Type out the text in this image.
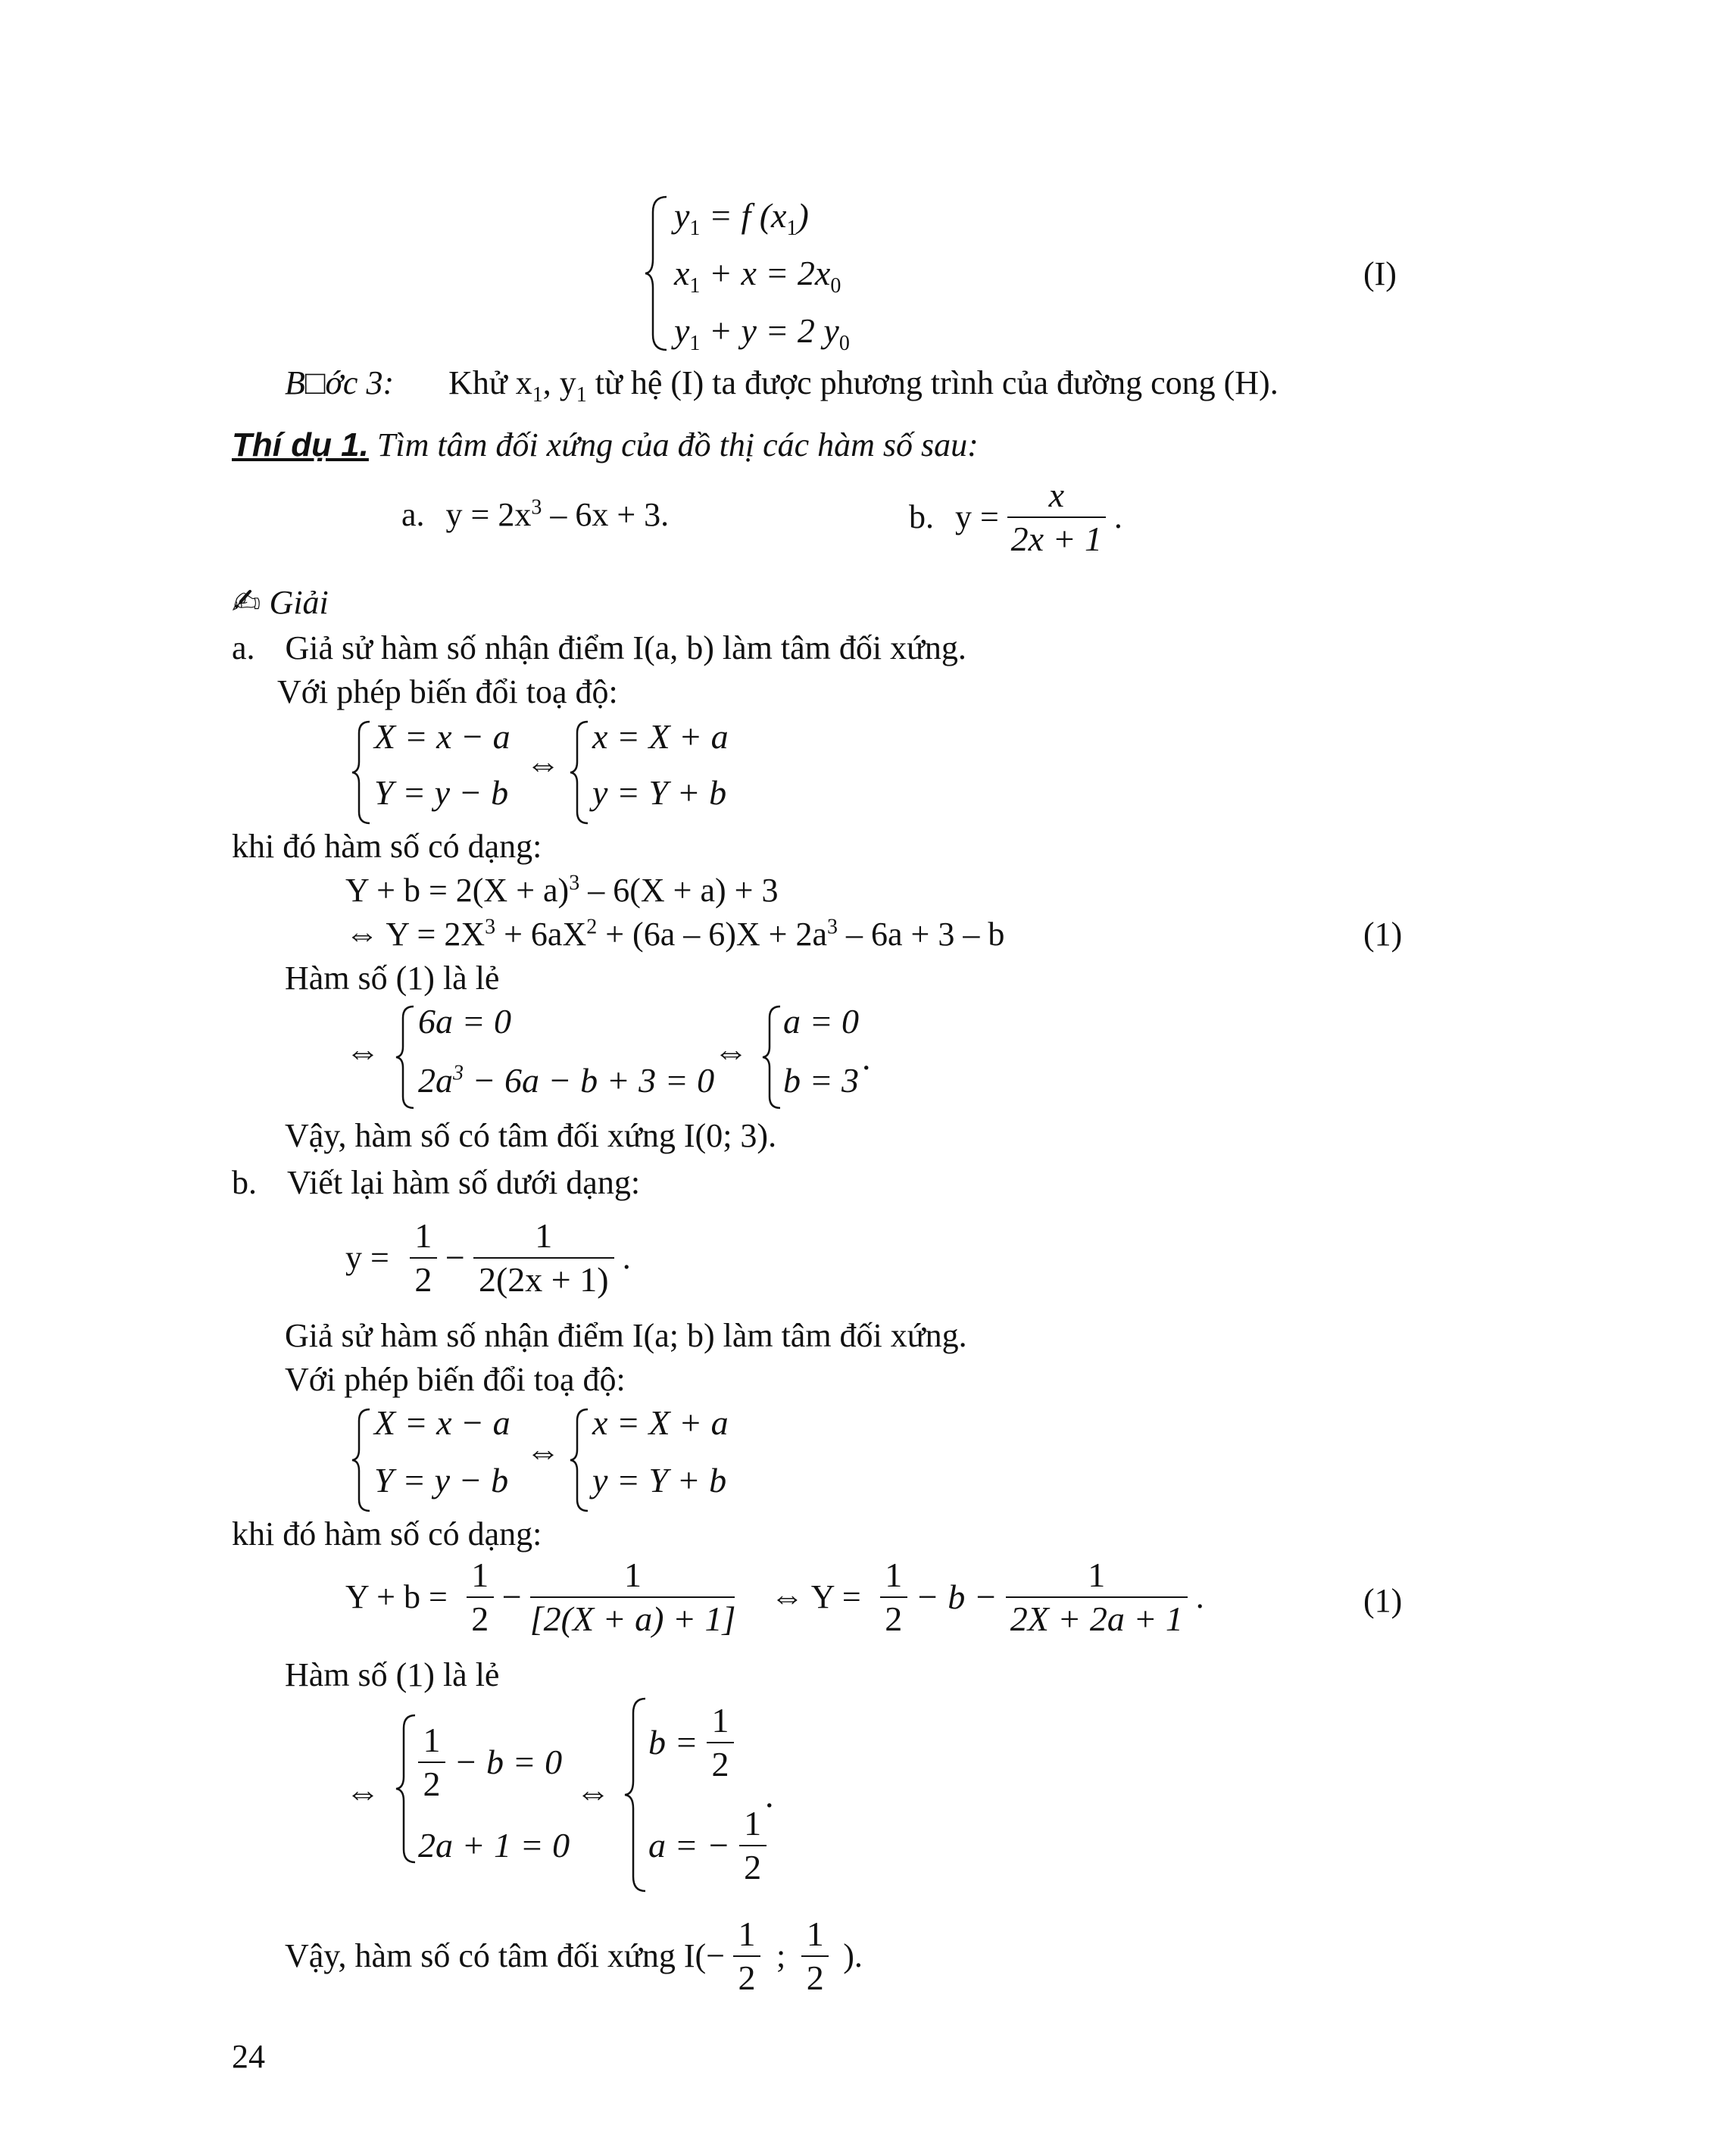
$y_1 = f$ $(x_1)$
$x_1 + x = 2x_0$
$y_1 + y = 2$ $y_0$
(I)
B□ớc 3: Khử $x_1$, $y_1$ từ hệ (I) ta được phương trình của đường cong (H).
Thí dụ 1. Tìm tâm đối xứng của đồ thị các hàm số sau:
a. $y = 2x^3 - 6x + 3$.	b. $y = \frac{x}{2x + 1}$ .
✍ Giải
a. Giả sử hàm số nhận điểm I(a, b) làm tâm đối xứng.
Với phép biến đổi toạ độ:
X = x − a
Y = y − b
⇔
x = X + a
y = Y + b
khi đó hàm số có dạng:
$Y + b = 2(X + a)^3 - 6(X + a) + 3$
⇔ $Y = 2X^3 + 6aX^2 + (6a - 6)X + 2a^3 - 6a + 3 - b$	(1)
Hàm số (1) là lẻ
⇔
6a = 0
$2a^3 - 6a - b + 3 = 0$
⇔
a = 0
b = 3
.
Vậy, hàm số có tâm đối xứng I(0; 3).
b. Viết lại hàm số dưới dạng:
$y = \frac{1}{2} - \frac{1}{2(2x + 1)}$ .
Giả sử hàm số nhận điểm I(a; b) làm tâm đối xứng.
Với phép biến đổi toạ độ:
X = x − a
Y = y − b
⇔
x = X + a
y = Y + b
khi đó hàm số có dạng:
$Y + b = \frac{1}{2} - \frac{1}{[2(X + a) + 1]}$ ⇔ $Y = \frac{1}{2} - b - \frac{1}{2X + 2a + 1}$ .	(1)
Hàm số (1) là lẻ
⇔ $\frac{1}{2} - b = 0$
2a + 1 = 0
⇔
$b = \frac{1}{2}$
a = − $\frac{1}{2}$
.
Vậy, hàm số có tâm đối xứng $I(- \frac{1}{2}$ ; $\frac{1}{2}$ ).
24
